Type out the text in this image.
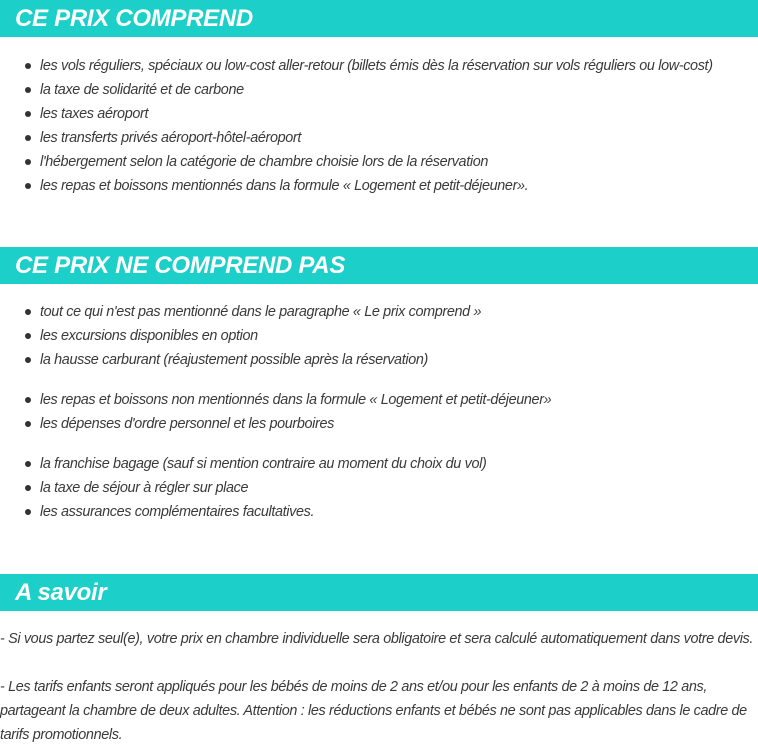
CE PRIX COMPREND
les vols réguliers, spéciaux ou low-cost aller-retour (billets émis dès la réservation sur vols réguliers ou low-cost)
la taxe de solidarité et de carbone
les taxes aéroport
les transferts privés aéroport-hôtel-aéroport
l'hébergement selon la catégorie de chambre choisie lors de la réservation
les repas et boissons mentionnés dans la formule « Logement et petit-déjeuner».
CE PRIX NE COMPREND PAS
tout ce qui n'est pas mentionné dans le paragraphe « Le prix comprend »
les excursions disponibles en option
la hausse carburant (réajustement possible après la réservation)
les repas et boissons non mentionnés dans la formule « Logement et petit-déjeuner»
les dépenses d'ordre personnel et les pourboires
la franchise bagage (sauf si mention contraire au moment du choix du vol)
la taxe de séjour à régler sur place
les assurances complémentaires facultatives.
A savoir

- Si vous partez seul(e), votre prix en chambre individuelle sera obligatoire et sera calculé automatiquement dans votre devis.

- Les tarifs enfants seront appliqués pour les bébés de moins de 2 ans et/ou pour les enfants de 2 à moins de 12 ans, partageant la chambre de deux adultes. Attention : les réductions enfants et bébés ne sont pas applicables dans le cadre de tarifs promotionnels.
